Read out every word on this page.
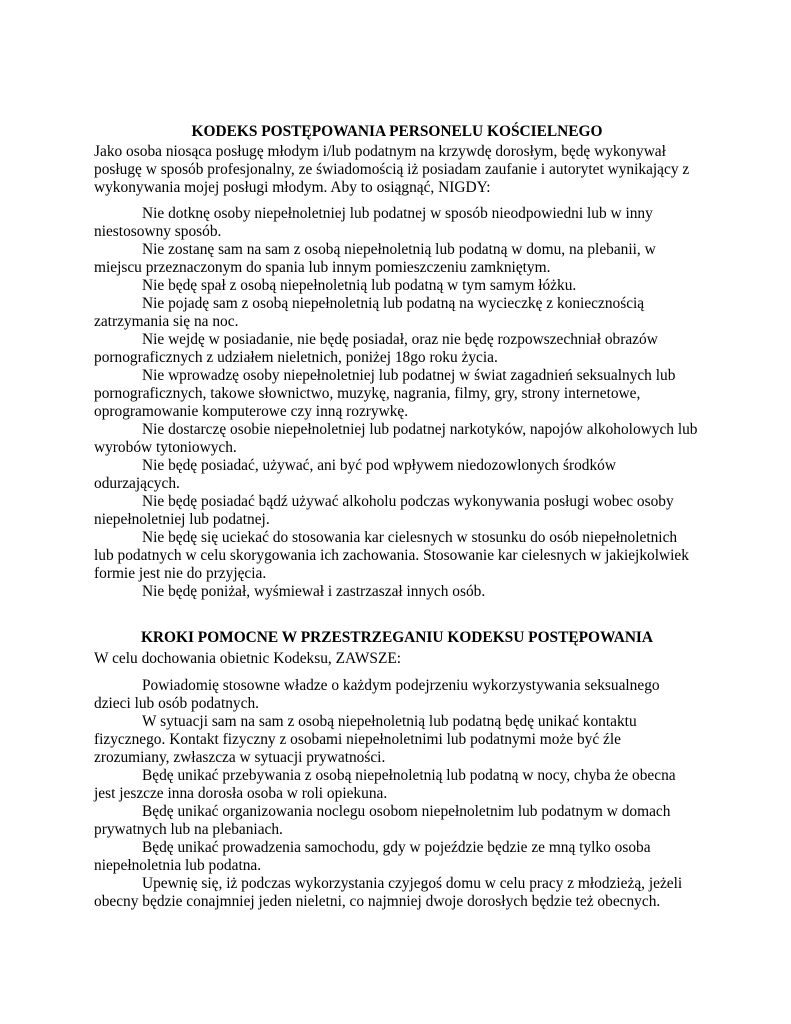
KODEKS POSTĘPOWANIA PERSONELU KOŚCIELNEGO

Jako osoba niosąca posługę młodym i/lub podatnym na krzywdę dorosłym, będę wykonywał posługę w sposób profesjonalny, ze świadomością iż posiadam zaufanie i autorytet wynikający z wykonywania mojej posługi młodym. Aby to osiągnąć, NIGDY:

Nie dotknę osoby niepełnoletniej lub podatnej w sposób nieodpowiedni lub w inny niestosowny sposób.

Nie zostanę sam na sam z osobą niepełnoletnią lub podatną w domu, na plebanii, w miejscu przeznaczonym do spania lub innym pomieszczeniu zamkniętym.

Nie będę spał z osobą niepełnoletnią lub podatną w tym samym łóżku.

Nie pojadę sam z osobą niepełnoletnią lub podatną na wycieczkę z koniecznością zatrzymania się na noc.

Nie wejdę w posiadanie, nie będę posiadał, oraz nie będę rozpowszechniał obrazów pornograficznych z udziałem nieletnich, poniżej 18go roku życia.

Nie wprowadzę osoby niepełnoletniej lub podatnej w świat zagadnień seksualnych lub pornograficznych, takowe słownictwo, muzykę, nagrania, filmy, gry, strony internetowe, oprogramowanie komputerowe czy inną rozrywkę.

Nie dostarczę osobie niepełnoletniej lub podatnej narkotyków, napojów alkoholowych lub wyrobów tytoniowych.

Nie będę posiadać, używać, ani być pod wpływem niedozowlonych środków odurzających.

Nie będę posiadać bądź używać alkoholu podczas wykonywania posługi wobec osoby niepełnoletniej lub podatnej.

Nie będę się uciekać do stosowania kar cielesnych w stosunku do osób niepełnoletnich lub podatnych w celu skorygowania ich zachowania. Stosowanie kar cielesnych w jakiejkolwiek formie jest nie do przyjęcia.

Nie będę poniżał, wyśmiewał i zastrzaszał innych osób.

KROKI POMOCNE W PRZESTRZEGANIU KODEKSU POSTĘPOWANIA

W celu dochowania obietnic Kodeksu, ZAWSZE:

Powiadomię stosowne władze o każdym podejrzeniu wykorzystywania seksualnego dzieci lub osób podatnych.

W sytuacji sam na sam z osobą niepełnoletnią lub podatną będę unikać kontaktu fizycznego. Kontakt fizyczny z osobami niepełnoletnimi lub podatnymi może być źle zrozumiany, zwłaszcza w sytuacji prywatności.

Będę unikać przebywania z osobą niepełnoletnią lub podatną w nocy, chyba że obecna jest jeszcze inna dorosła osoba w roli opiekuna.

Będę unikać organizowania noclegu osobom niepełnoletnim lub podatnym w domach prywatnych lub na plebaniach.

Będę unikać prowadzenia samochodu, gdy w pojeździe będzie ze mną tylko osoba niepełnoletnia lub podatna.

Upewnię się, iż podczas wykorzystania czyjegoś domu w celu pracy z młodzieżą, jeżeli obecny będzie conajmniej jeden nieletni, co najmniej dwoje dorosłych będzie też obecnych.
